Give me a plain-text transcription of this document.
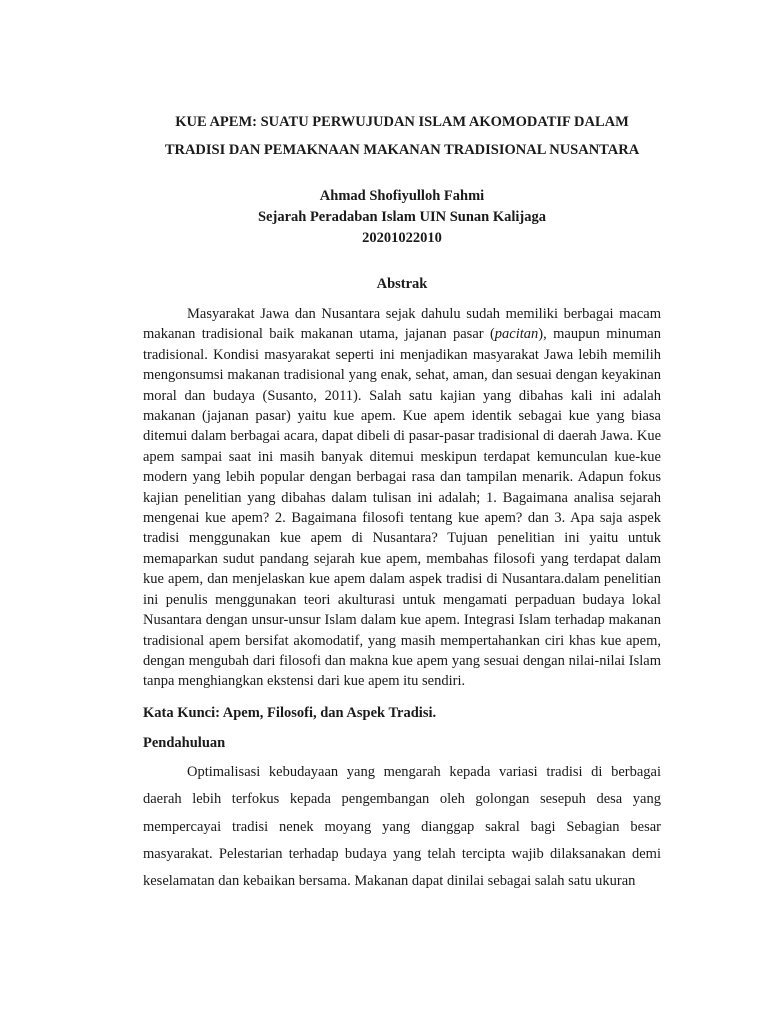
KUE APEM: SUATU PERWUJUDAN ISLAM AKOMODATIF DALAM
TRADISI DAN PEMAKNAAN MAKANAN TRADISIONAL NUSANTARA
Ahmad Shofiyulloh Fahmi
Sejarah Peradaban Islam UIN Sunan Kalijaga
20201022010
Abstrak

Masyarakat Jawa dan Nusantara sejak dahulu sudah memiliki berbagai macam makanan tradisional baik makanan utama, jajanan pasar (pacitan), maupun minuman tradisional. Kondisi masyarakat seperti ini menjadikan masyarakat Jawa lebih memilih mengonsumsi makanan tradisional yang enak, sehat, aman, dan sesuai dengan keyakinan moral dan budaya (Susanto, 2011). Salah satu kajian yang dibahas kali ini adalah makanan (jajanan pasar) yaitu kue apem. Kue apem identik sebagai kue yang biasa ditemui dalam berbagai acara, dapat dibeli di pasar-pasar tradisional di daerah Jawa. Kue apem sampai saat ini masih banyak ditemui meskipun terdapat kemunculan kue-kue modern yang lebih popular dengan berbagai rasa dan tampilan menarik. Adapun fokus kajian penelitian yang dibahas dalam tulisan ini adalah; 1. Bagaimana analisa sejarah mengenai kue apem? 2. Bagaimana filosofi tentang kue apem? dan 3. Apa saja aspek tradisi menggunakan kue apem di Nusantara? Tujuan penelitian ini yaitu untuk memaparkan sudut pandang sejarah kue apem, membahas filosofi yang terdapat dalam kue apem, dan menjelaskan kue apem dalam aspek tradisi di Nusantara.dalam penelitian ini penulis menggunakan teori akulturasi untuk mengamati perpaduan budaya lokal Nusantara dengan unsur-unsur Islam dalam kue apem. Integrasi Islam terhadap makanan tradisional apem bersifat akomodatif, yang masih mempertahankan ciri khas kue apem, dengan mengubah dari filosofi dan makna kue apem yang sesuai dengan nilai-nilai Islam tanpa menghiangkan ekstensi dari kue apem itu sendiri.

Kata Kunci: Apem, Filosofi, dan Aspek Tradisi.
Pendahuluan

Optimalisasi kebudayaan yang mengarah kepada variasi tradisi di berbagai daerah lebih terfokus kepada pengembangan oleh golongan sesepuh desa yang mempercayai tradisi nenek moyang yang dianggap sakral bagi Sebagian besar masyarakat. Pelestarian terhadap budaya yang telah tercipta wajib dilaksanakan demi keselamatan dan kebaikan bersama. Makanan dapat dinilai sebagai salah satu ukuran
